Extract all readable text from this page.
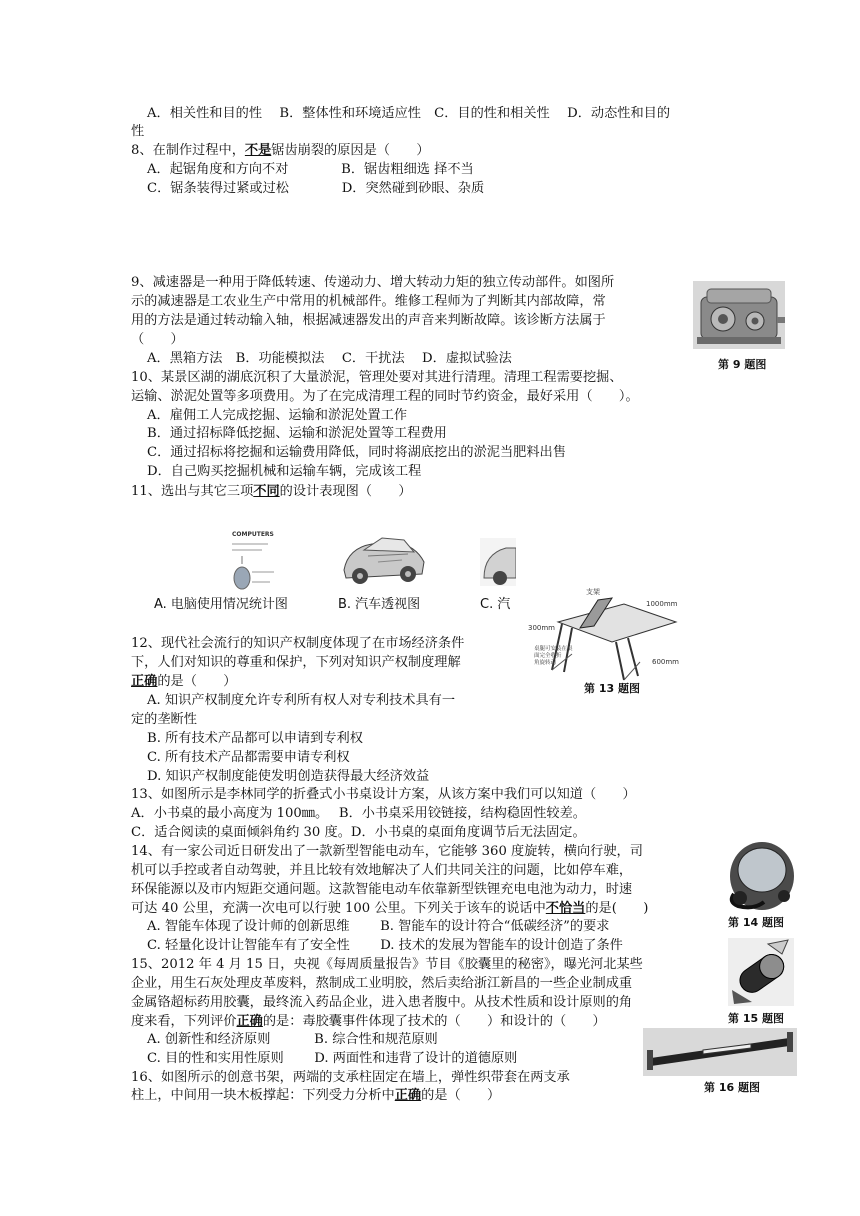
A．相关性和目的性　 B．整体性和环境适应性　C．目的性和相关性　 D．动态性和目的
性
8、在制作过程中，不是锯齿崩裂的原因是（　　）
A．起锯角度和方向不对　　　　B．锯齿粗细选 择不当
C．锯条装得过紧或过松　　　　D．突然碰到砂眼、杂质
9、减速器是一种用于降低转速、传递动力、增大转动力矩的独立传动部件。如图所
示的减速器是工农业生产中常用的机械部件。维修工程师为了判断其内部故障，常
用的方法是通过转动输入轴，根据减速器发出的声音来判断故障。该诊断方法属于
（　　）
A．黑箱方法　B．功能模拟法　 C．干扰法　 D．虚拟试验法	第 9 题图
10、某景区湖的湖底沉积了大量淤泥，管理处要对其进行清理。清理工程需要挖掘、
运输、淤泥处置等多项费用。为了在完成清理工程的同时节约资金，最好采用（　　）。
A．雇佣工人完成挖掘、运输和淤泥处置工作
B．通过招标降低挖掘、运输和淤泥处置等工程费用
C．通过招标将挖掘和运输费用降低，同时将湖底挖出的淤泥当肥料出售
D．自己购买挖掘机械和运输车辆，完成该工程
11、选出与其它三项不同的设计表现图（　　）
COMPUTERS
A. 电脑使用情况统计图	B. 汽车透视图	C. 汽
支架
1000mm
300mm
600mm
桌腿可安装在桌
面完全收折
角旋转动
第 13 题图
12、现代社会流行的知识产权制度体现了在市场经济条件
下，人们对知识的尊重和保护，下列对知识产权制度理解
正确的是（　　）
A. 知识产权制度允许专利所有权人对专利技术具有一
定的垄断性
B. 所有技术产品都可以申请到专利权
C. 所有技术产品都需要申请专利权
D. 知识产权制度能使发明创造获得最大经济效益
13、如图所示是李林同学的折叠式小书桌设计方案，从该方案中我们可以知道（　　）
A．小书桌的最小高度为 100㎜。　 B．小书桌采用铰链接，结构稳固性较差。
C．适合阅读的桌面倾斜角约 30 度。D．小书桌的桌面角度调节后无法固定。
14、有一家公司近日研发出了一款新型智能电动车，它能够 360 度旋转，横向行驶，司
机可以手控或者自动驾驶，并且比较有效地解决了人们共同关注的问题，比如停车难，
环保能源以及市内短距交通问题。这款智能电动车依靠新型铁锂充电电池为动力，时速
可达 40 公里，充满一次电可以行驶 100 公里。下列关于该车的说话中不恰当的是(　　)
A. 智能车体现了设计师的创新思维　　 B. 智能车的设计符合“低碳经济”的要求
C. 轻量化设计让智能车有了安全性　　 D. 技术的发展为智能车的设计创造了条件
第 14 题图
15、2012 年 4 月 15 日，央视《每周质量报告》节目《胶囊里的秘密》，曝光河北某些
企业，用生石灰处理皮革废料，熬制成工业明胶，然后卖给浙江新昌的一些企业制成重
金属铬超标药用胶囊，最终流入药品企业，进入患者腹中。从技术性质和设计原则的角
度来看，下列评价正确的是：毒胶囊事件体现了技术的（　　）和设计的（　　）
A. 创新性和经济原则　　　 B. 综合性和规范原则
C. 目的性和实用性原则　　 D. 两面性和违背了设计的道德原则
第 15 题图
16、如图所示的创意书架，两端的支承柱固定在墙上，弹性织带套在两支承
柱上，中间用一块木板撑起：下列受力分析中正确的是（　　）
第 16 题图
